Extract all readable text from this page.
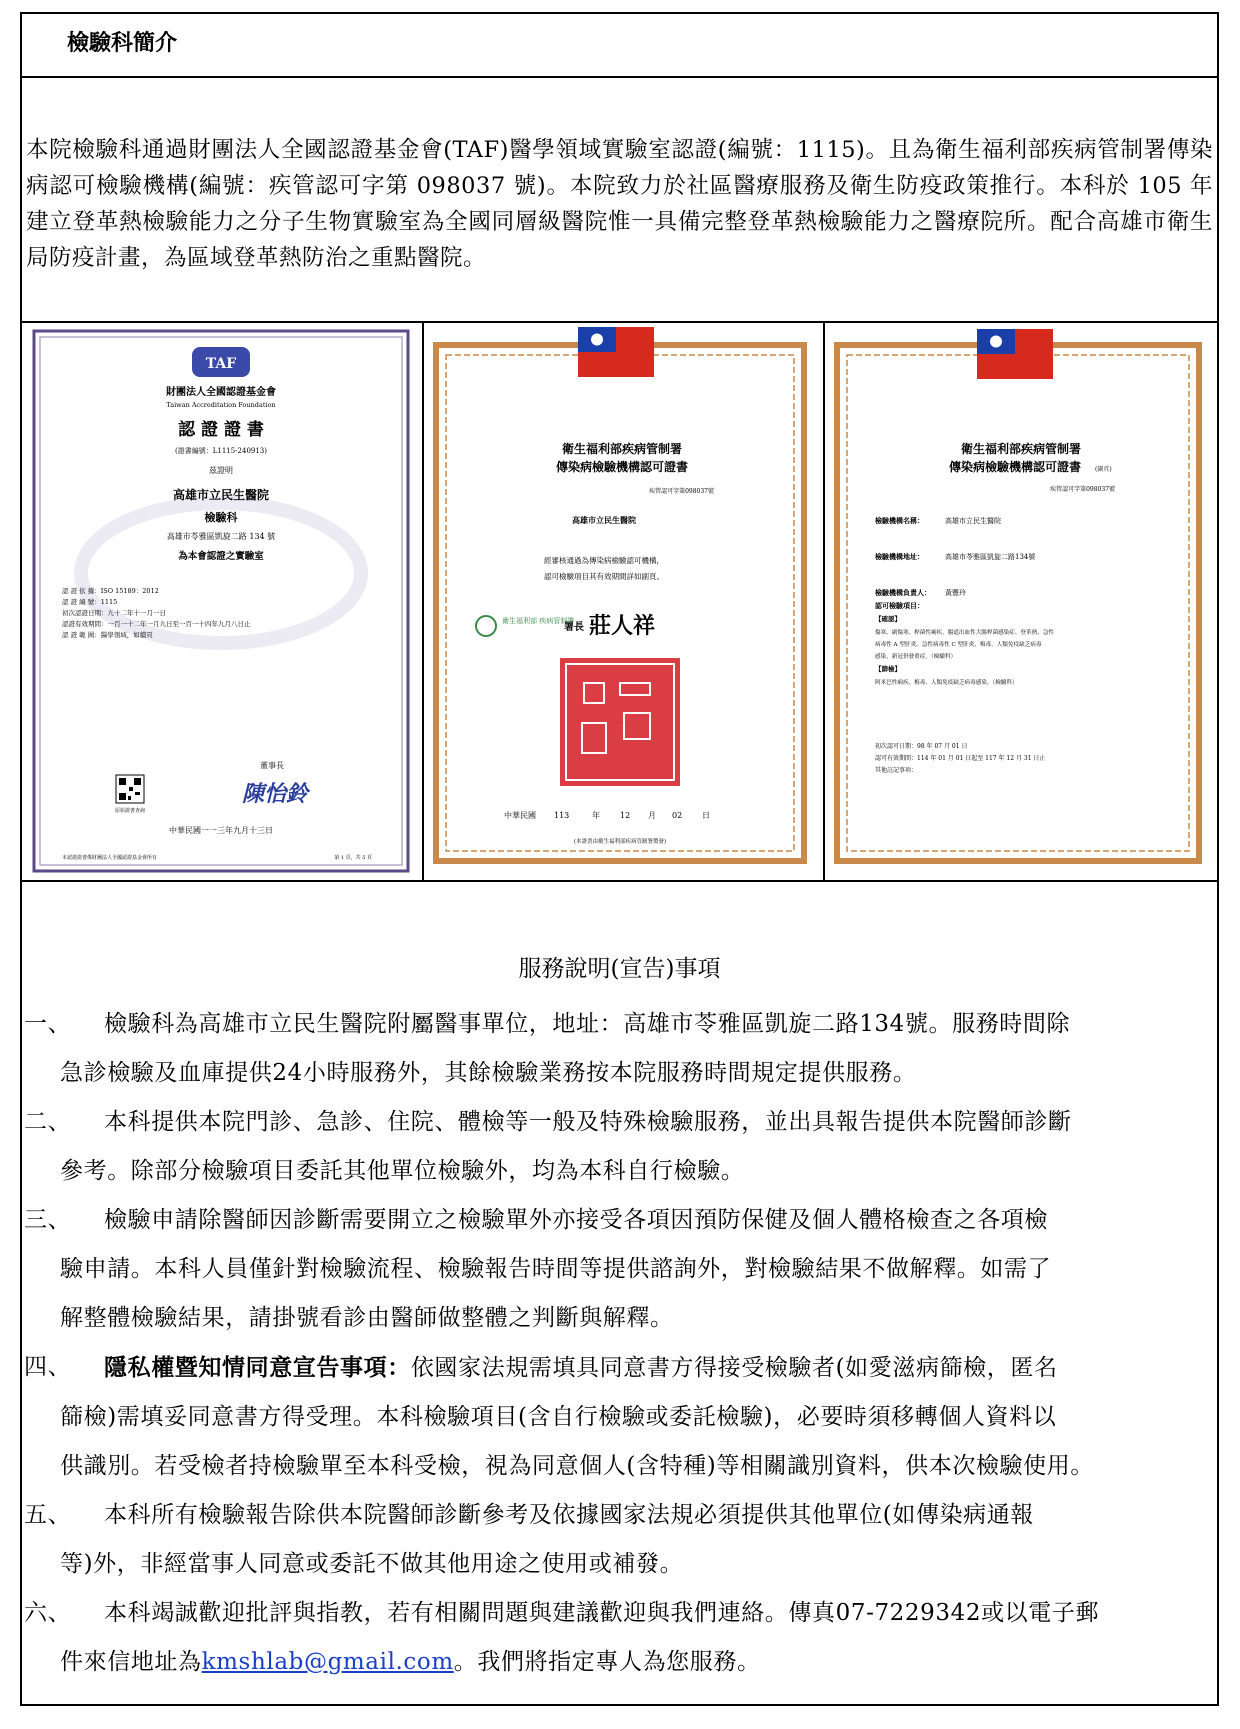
檢驗科簡介

本院檢驗科通過財團法人全國認證基金會(TAF)醫學領域實驗室認證(編號：1115)。且為衛生福利部疾病管制署傳染病認可檢驗機構(編號：疾管認可字第 098037 號)。本院致力於社區醫療服務及衛生防疫政策推行。本科於 105 年建立登革熱檢驗能力之分子生物實驗室為全國同層級醫院惟一具備完整登革熱檢驗能力之醫療院所。配合高雄市衛生局防疫計畫，為區域登革熱防治之重點醫院。

TAF
財團法人全國認證基金會
Taiwan Accreditation Foundation
認 證 證 書
(證書編號：L1115-240913)
茲證明
高雄市立民生醫院
檢驗科
高雄市苓雅區凱旋二路 134 號
為本會認證之實驗室
認 證 依 據：ISO 15189：2012
認 證 編 號：1115
初次認證日期：九十二年十一月一日
認證有效期間：一百一十二年一月九日至一百一十四年九月八日止
認 證 範 圍：醫學領域，如續頁
董事長
陳怡鈴
原始證書查詢
中華民國一一三年九月十三日
本認證證書係財團法人全國認證基金會所有	第 1 頁，共 5 頁
衛生福利部疾病管制署
傳染病檢驗機構認可證書
疾管認可字第098037號
高雄市立民生醫院
經審核通過為傳染病檢驗認可機構，
認可檢驗項目其有效期間詳如副頁。
衛生福利部 疾病管制署
署長 莊人祥
衛生福利部疾病管制署之印
中華民國 113	年	12 月 02 日
(本證書由衛生福利部疾病管制署製發)
衛生福利部疾病管制署
傳染病檢驗機構認可證書 (副頁)
疾管認可字第098037號
檢驗機構名稱：	高雄市立民生醫院
檢驗機構地址：	高雄市苓雅區凱旋二路134號
檢驗機構負責人： 黃豐玲
認可檢驗項目：
【確認】
傷寒、副傷寒、桿菌性痢疾、腸道出血性大腸桿菌感染症、登革熱、急性
病毒性 A 型肝炎、急性病毒性 C 型肝炎、梅毒、人類免疫缺乏病毒
感染，新冠併發重症。（檢驗科）
【篩檢】
阿米巴性痢疾、梅毒、人類免疫缺乏病毒感染。（檢驗科）
初次認可日期：98 年 07 月 01 日
認可有效期間：114 年 01 月 01 日起至 117 年 12 月 31 日止
其他註記事項：
服務說明(宣告)事項
一、	檢驗科為高雄市立民生醫院附屬醫事單位，地址：高雄市苓雅區凱旋二路134號。服務時間除
急診檢驗及血庫提供24小時服務外，其餘檢驗業務按本院服務時間規定提供服務。
二、	本科提供本院門診、急診、住院、體檢等一般及特殊檢驗服務，並出具報告提供本院醫師診斷
參考。除部分檢驗項目委託其他單位檢驗外，均為本科自行檢驗。
三、	檢驗申請除醫師因診斷需要開立之檢驗單外亦接受各項因預防保健及個人體格檢查之各項檢
驗申請。本科人員僅針對檢驗流程、檢驗報告時間等提供諮詢外，對檢驗結果不做解釋。如需了
解整體檢驗結果，請掛號看診由醫師做整體之判斷與解釋。
四、	隱私權暨知情同意宣告事項：依國家法規需填具同意書方得接受檢驗者(如愛滋病篩檢，匿名
篩檢)需填妥同意書方得受理。本科檢驗項目(含自行檢驗或委託檢驗)，必要時須移轉個人資料以
供識別。若受檢者持檢驗單至本科受檢，視為同意個人(含特種)等相關識別資料，供本次檢驗使用。
五、	本科所有檢驗報告除供本院醫師診斷參考及依據國家法規必須提供其他單位(如傳染病通報
等)外，非經當事人同意或委託不做其他用途之使用或補發。
六、	本科竭誠歡迎批評與指教，若有相關問題與建議歡迎與我們連絡。傳真07-7229342或以電子郵
件來信地址為kmshlab@gmail.com。我們將指定專人為您服務。
